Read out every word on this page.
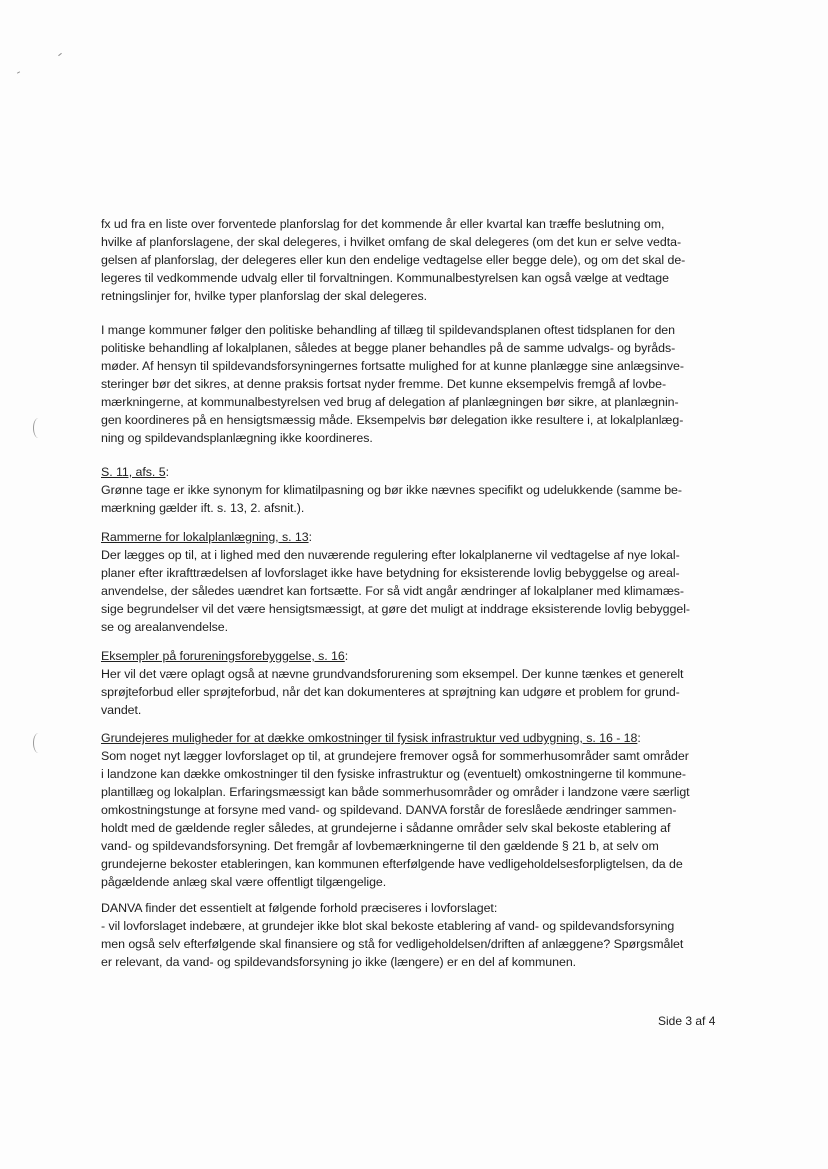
fx ud fra en liste over forventede planforslag for det kommende år eller kvartal kan træffe beslutning om,
hvilke af planforslagene, der skal delegeres, i hvilket omfang de skal delegeres (om det kun er selve vedta-
gelsen af planforslag, der delegeres eller kun den endelige vedtagelse eller begge dele), og om det skal de-
legeres til vedkommende udvalg eller til forvaltningen. Kommunalbestyrelsen kan også vælge at vedtage
retningslinjer for, hvilke typer planforslag der skal delegeres.

I mange kommuner følger den politiske behandling af tillæg til spildevandsplanen oftest tidsplanen for den
politiske behandling af lokalplanen, således at begge planer behandles på de samme udvalgs- og byråds-
møder. Af hensyn til spildevandsforsyningernes fortsatte mulighed for at kunne planlægge sine anlægsinve-
steringer bør det sikres, at denne praksis fortsat nyder fremme. Det kunne eksempelvis fremgå af lovbe-
mærkningerne, at kommunalbestyrelsen ved brug af delegation af planlægningen bør sikre, at planlægnin-
gen koordineres på en hensigtsmæssig måde. Eksempelvis bør delegation ikke resultere i, at lokalplanlæg-
ning og spildevandsplanlægning ikke koordineres.

S. 11, afs. 5:

Grønne tage er ikke synonym for klimatilpasning og bør ikke nævnes specifikt og udelukkende (samme be-
mærkning gælder ift. s. 13, 2. afsnit.).

Rammerne for lokalplanlægning, s. 13:

Der lægges op til, at i lighed med den nuværende regulering efter lokalplanerne vil vedtagelse af nye lokal-
planer efter ikrafttrædelsen af lovforslaget ikke have betydning for eksisterende lovlig bebyggelse og areal-
anvendelse, der således uændret kan fortsætte. For så vidt angår ændringer af lokalplaner med klimamæs-
sige begrundelser vil det være hensigtsmæssigt, at gøre det muligt at inddrage eksisterende lovlig bebyggel-
se og arealanvendelse.

Eksempler på forureningsforebyggelse, s. 16:

Her vil det være oplagt også at nævne grundvandsforurening som eksempel. Der kunne tænkes et generelt
sprøjteforbud eller sprøjteforbud, når det kan dokumenteres at sprøjtning kan udgøre et problem for grund-
vandet.

Grundejeres muligheder for at dække omkostninger til fysisk infrastruktur ved udbygning, s. 16 - 18:

Som noget nyt lægger lovforslaget op til, at grundejere fremover også for sommerhusområder samt områder
i landzone kan dække omkostninger til den fysiske infrastruktur og (eventuelt) omkostningerne til kommune-
plantillæg og lokalplan. Erfaringsmæssigt kan både sommerhusområder og områder i landzone være særligt
omkostningstunge at forsyne med vand- og spildevand. DANVA forstår de foreslåede ændringer sammen-
holdt med de gældende regler således, at grundejerne i sådanne områder selv skal bekoste etablering af
vand- og spildevandsforsyning. Det fremgår af lovbemærkningerne til den gældende § 21 b, at selv om
grundejerne bekoster etableringen, kan kommunen efterfølgende have vedligeholdelsesforpligtelsen, da de
pågældende anlæg skal være offentligt tilgængelige.

DANVA finder det essentielt at følgende forhold præciseres i lovforslaget:
- vil lovforslaget indebære, at grundejer ikke blot skal bekoste etablering af vand- og spildevandsforsyning
men også selv efterfølgende skal finansiere og stå for vedligeholdelsen/driften af anlæggene? Spørgsmålet
er relevant, da vand- og spildevandsforsyning jo ikke (længere) er en del af kommunen.

Side 3 af 4
